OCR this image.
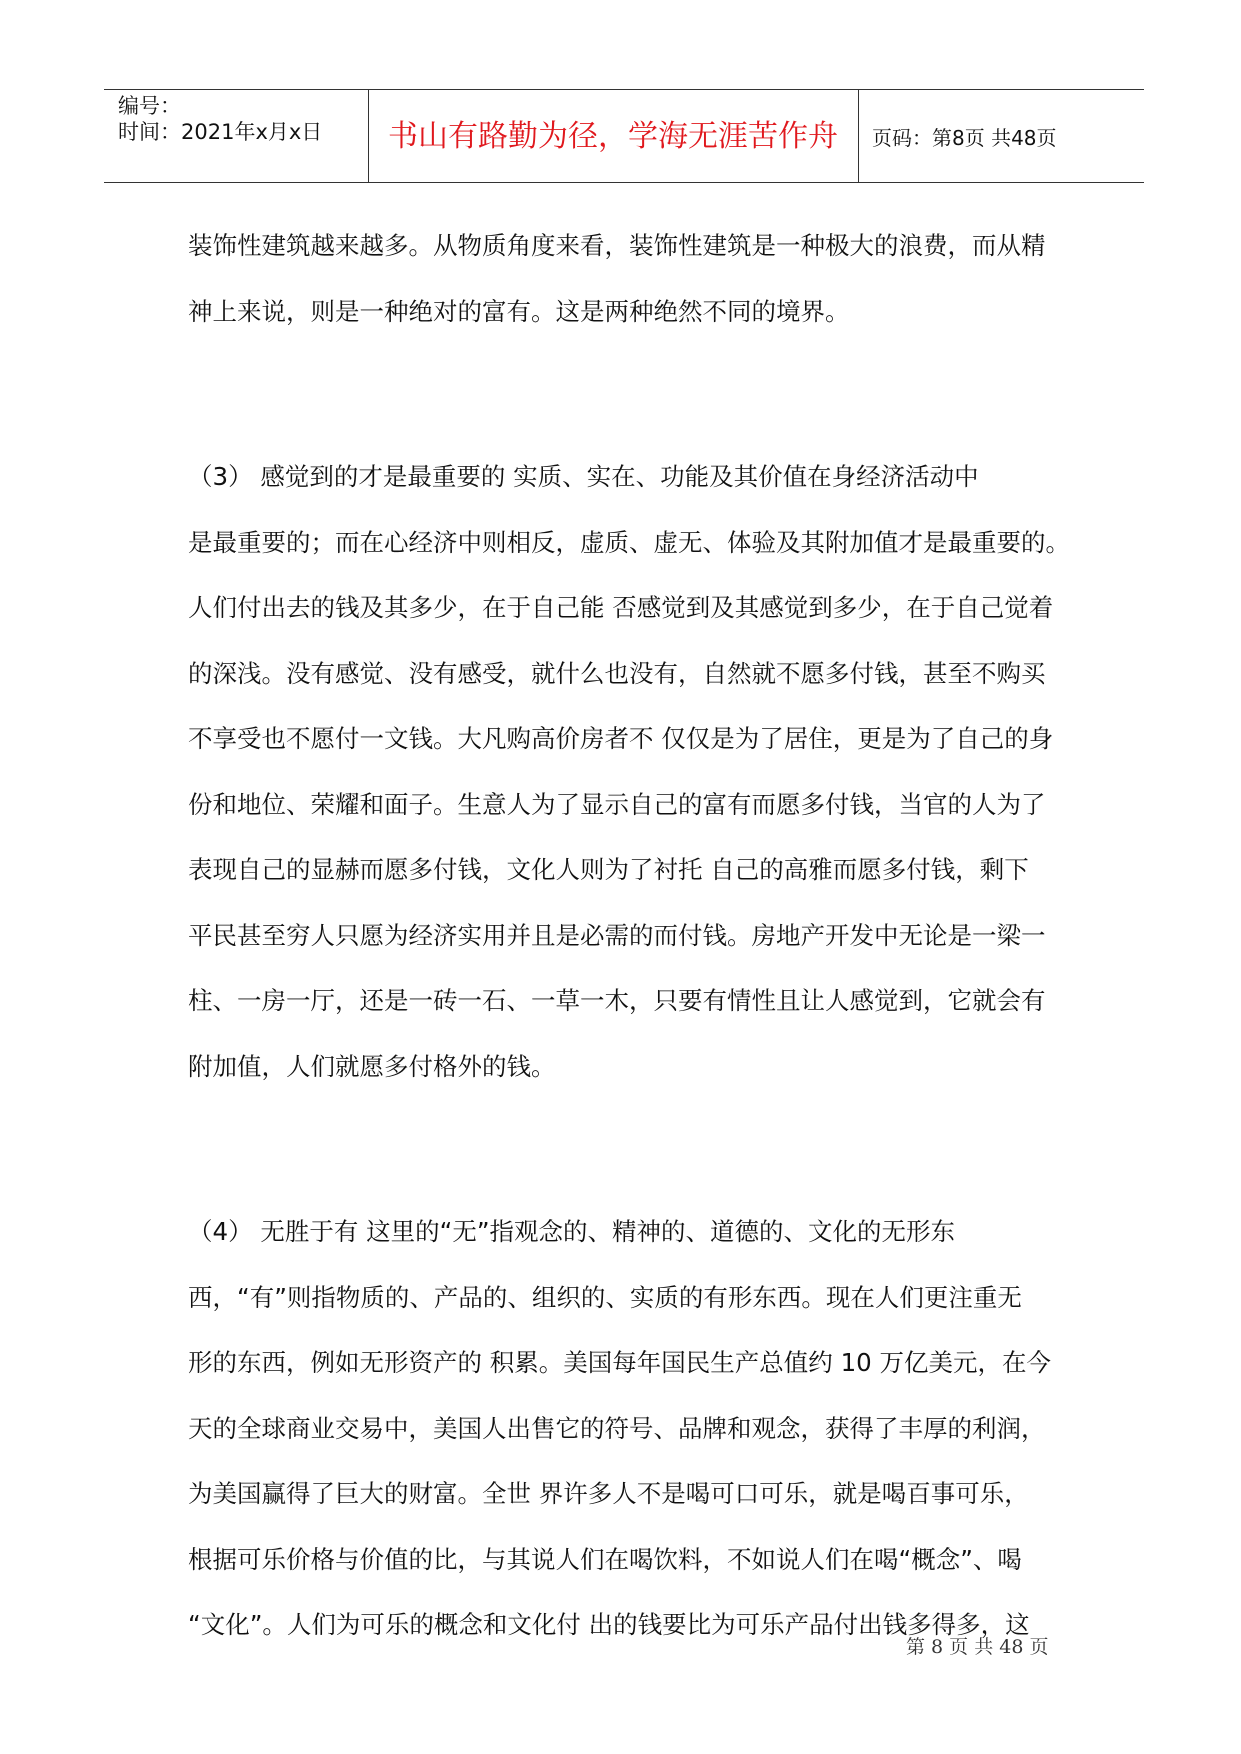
编号：
时间：2021年x月x日	书山有路勤为径，学海无涯苦作舟	页码：第8页 共48页
装饰性建筑越来越多。从物质角度来看，装饰性建筑是一种极大的浪费，而从精
神上来说，则是一种绝对的富有。这是两种绝然不同的境界。
（3） 感觉到的才是最重要的 实质、实在、功能及其价值在身经济活动中
是最重要的；而在心经济中则相反，虚质、虚无、体验及其附加值才是最重要的。
人们付出去的钱及其多少，在于自己能 否感觉到及其感觉到多少，在于自己觉着
的深浅。没有感觉、没有感受，就什么也没有，自然就不愿多付钱，甚至不购买
不享受也不愿付一文钱。大凡购高价房者不 仅仅是为了居住，更是为了自己的身
份和地位、荣耀和面子。生意人为了显示自己的富有而愿多付钱，当官的人为了
表现自己的显赫而愿多付钱，文化人则为了衬托 自己的高雅而愿多付钱，剩下
平民甚至穷人只愿为经济实用并且是必需的而付钱。房地产开发中无论是一梁一
柱、一房一厅，还是一砖一石、一草一木，只要有情性且让人感觉到，它就会有
附加值，人们就愿多付格外的钱。
（4） 无胜于有 这里的“无”指观念的、精神的、道德的、文化的无形东
西，“有”则指物质的、产品的、组织的、实质的有形东西。现在人们更注重无
形的东西，例如无形资产的 积累。美国每年国民生产总值约 10 万亿美元，在今
天的全球商业交易中，美国人出售它的符号、品牌和观念，获得了丰厚的利润，
为美国赢得了巨大的财富。全世 界许多人不是喝可口可乐，就是喝百事可乐，
根据可乐价格与价值的比，与其说人们在喝饮料，不如说人们在喝“概念”、喝
“文化”。人们为可乐的概念和文化付 出的钱要比为可乐产品付出钱多得多，这
第 8 页 共 48 页
